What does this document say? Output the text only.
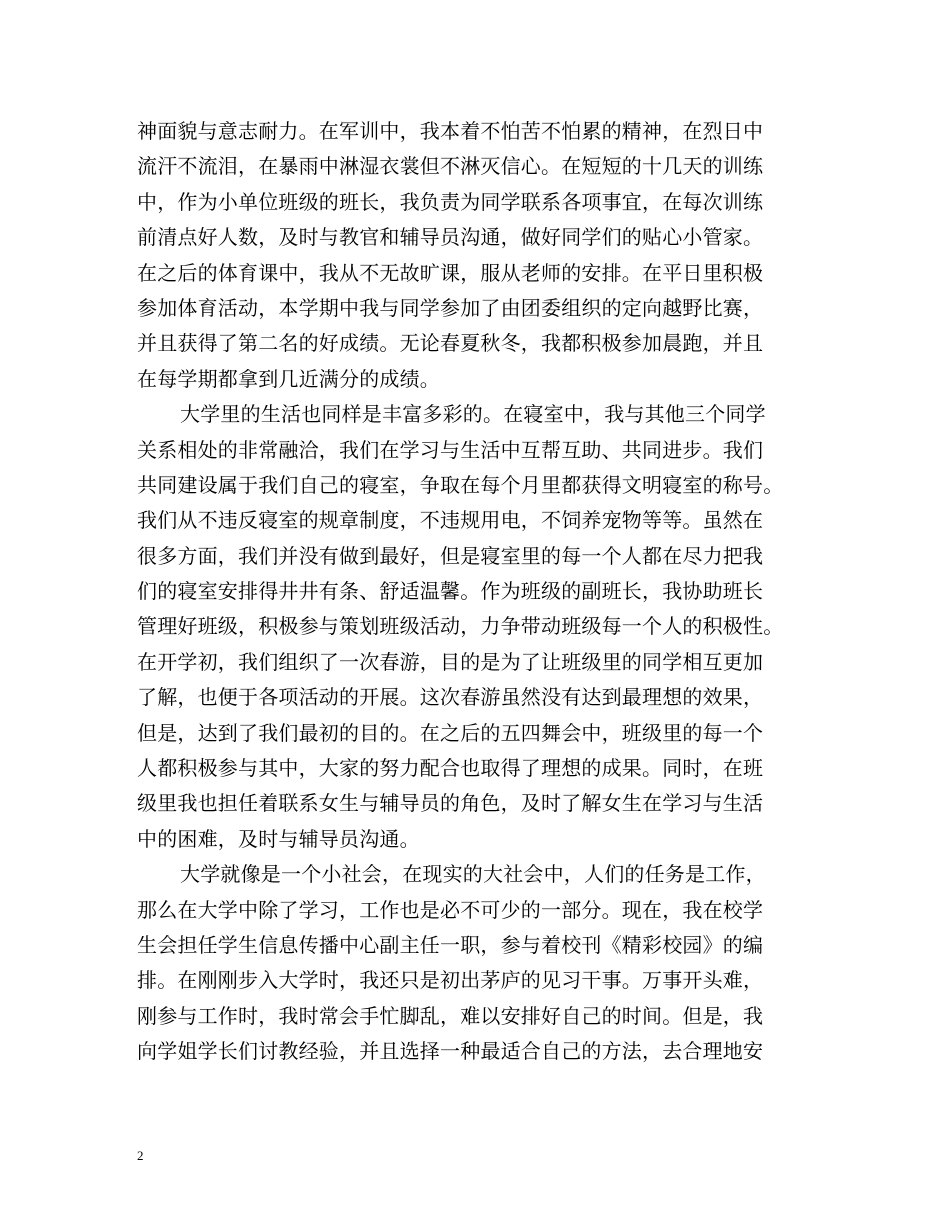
神面貌与意志耐力。在军训中，我本着不怕苦不怕累的精神，在烈日中
流汗不流泪，在暴雨中淋湿衣裳但不淋灭信心。在短短的十几天的训练
中，作为小单位班级的班长，我负责为同学联系各项事宜，在每次训练
前清点好人数，及时与教官和辅导员沟通，做好同学们的贴心小管家。
在之后的体育课中，我从不无故旷课，服从老师的安排。在平日里积极
参加体育活动，本学期中我与同学参加了由团委组织的定向越野比赛，
并且获得了第二名的好成绩。无论春夏秋冬，我都积极参加晨跑，并且
在每学期都拿到几近满分的成绩。
大学里的生活也同样是丰富多彩的。在寝室中，我与其他三个同学
关系相处的非常融洽，我们在学习与生活中互帮互助、共同进步。我们
共同建设属于我们自己的寝室，争取在每个月里都获得文明寝室的称号。
我们从不违反寝室的规章制度，不违规用电，不饲养宠物等等。虽然在
很多方面，我们并没有做到最好，但是寝室里的每一个人都在尽力把我
们的寝室安排得井井有条、舒适温馨。作为班级的副班长，我协助班长
管理好班级，积极参与策划班级活动，力争带动班级每一个人的积极性。
在开学初，我们组织了一次春游，目的是为了让班级里的同学相互更加
了解，也便于各项活动的开展。这次春游虽然没有达到最理想的效果，
但是，达到了我们最初的目的。在之后的五四舞会中，班级里的每一个
人都积极参与其中，大家的努力配合也取得了理想的成果。同时，在班
级里我也担任着联系女生与辅导员的角色，及时了解女生在学习与生活
中的困难，及时与辅导员沟通。
大学就像是一个小社会，在现实的大社会中，人们的任务是工作，
那么在大学中除了学习，工作也是必不可少的一部分。现在，我在校学
生会担任学生信息传播中心副主任一职，参与着校刊《精彩校园》的编
排。在刚刚步入大学时，我还只是初出茅庐的见习干事。万事开头难，
刚参与工作时，我时常会手忙脚乱，难以安排好自己的时间。但是，我
向学姐学长们讨教经验，并且选择一种最适合自己的方法，去合理地安
2
